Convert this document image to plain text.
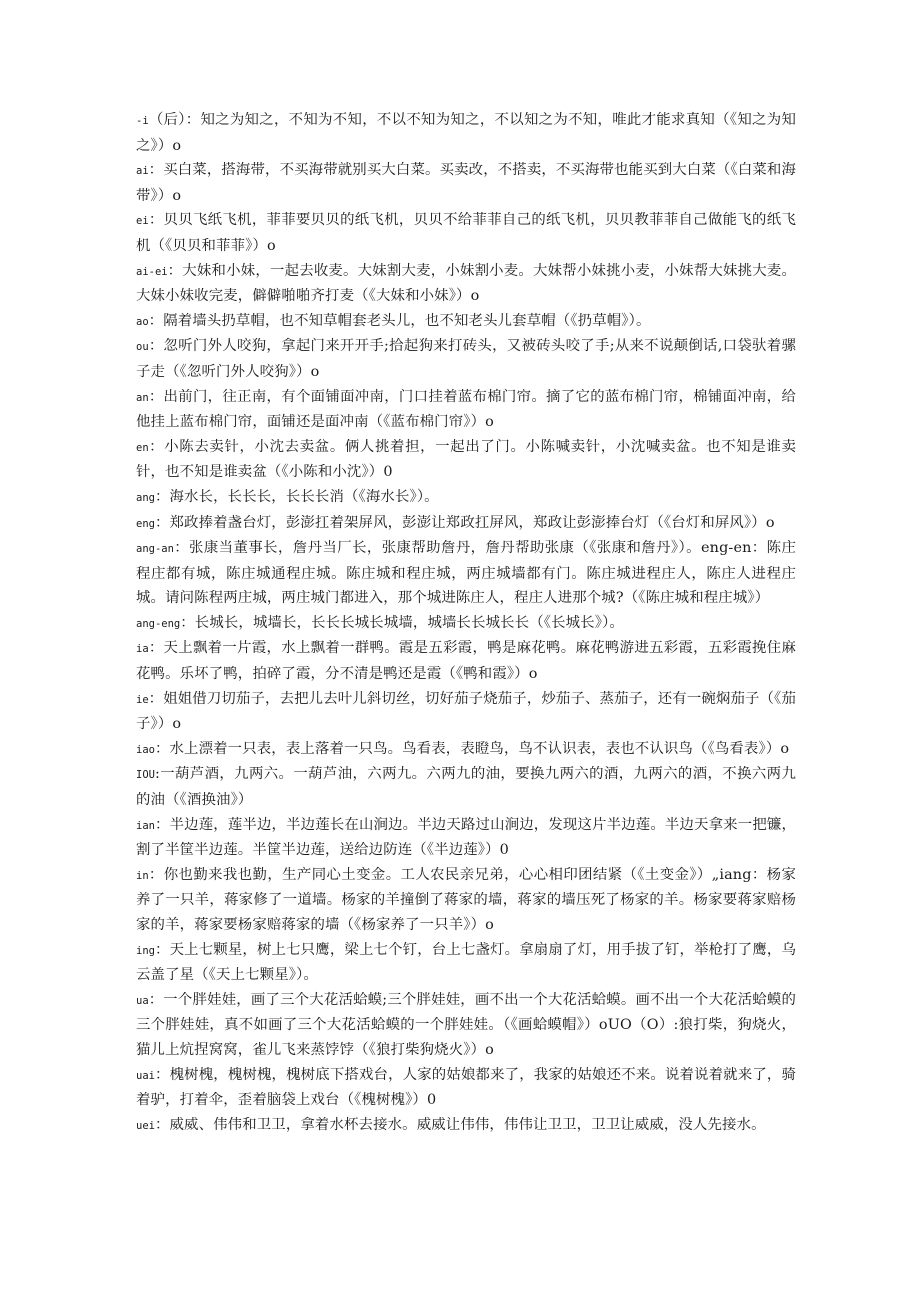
-i（后）：知之为知之，不知为不知，不以不知为知之，不以知之为不知，唯此才能求真知（《知之为知之》）o

ai：买白菜，搭海带，不买海带就别买大白菜。买卖改，不搭卖，不买海带也能买到大白菜（《白菜和海带》）o

ei：贝贝飞纸飞机，菲菲要贝贝的纸飞机，贝贝不给菲菲自己的纸飞机，贝贝教菲菲自己做能飞的纸飞机（《贝贝和菲菲》）o

ai-ei：大妹和小妹，一起去收麦。大妹割大麦，小妹割小麦。大妹帮小妹挑小麦，小妹帮大妹挑大麦。大妹小妹收完麦，僻僻啪啪齐打麦（《大妹和小妹》）o

ao：隔着墙头扔草帽，也不知草帽套老头儿，也不知老头儿套草帽（《扔草帽》）。

ou：忽听门外人咬狗，拿起门来开开手;拾起狗来打砖头，又被砖头咬了手;从来不说颠倒话,口袋驮着骡子走（《忽听门外人咬狗》）o

an：出前门，往正南，有个面铺面冲南，门口挂着蓝布棉门帘。摘了它的蓝布棉门帘，棉铺面冲南，给他挂上蓝布棉门帘，面铺还是面冲南（《蓝布棉门帘》）o

en：小陈去卖针，小沈去卖盆。俩人挑着担，一起出了门。小陈喊卖针，小沈喊卖盆。也不知是谁卖针，也不知是谁卖盆（《小陈和小沈》）0

ang：海水长，长长长，长长长消（《海水长》）。

eng：郑政捧着盏台灯，彭澎扛着架屏风，彭澎让郑政扛屏风，郑政让彭澎捧台灯（《台灯和屏风》）o

ang-an：张康当董事长，詹丹当厂长，张康帮助詹丹，詹丹帮助张康（《张康和詹丹》）。eng-en：陈庄程庄都有城，陈庄城通程庄城。陈庄城和程庄城，两庄城墙都有门。陈庄城进程庄人，陈庄人进程庄城。请问陈程两庄城，两庄城门都进入，那个城进陈庄人，程庄人进那个城?（《陈庄城和程庄城》）

ang-eng：长城长，城墙长，长长长城长城墙，城墙长长城长长（《长城长》）。

ia：天上飘着一片霞，水上飘着一群鸭。霞是五彩霞，鸭是麻花鸭。麻花鸭游进五彩霞，五彩霞挽住麻花鸭。乐坏了鸭，拍碎了霞，分不清是鸭还是霞（《鸭和霞》）o

ie：姐姐借刀切茄子，去把儿去叶儿斜切丝，切好茄子烧茄子，炒茄子、蒸茄子，还有一碗焖茄子（《茄子》）o

iao：水上漂着一只表，表上落着一只鸟。鸟看表，表瞪鸟，鸟不认识表，表也不认识鸟（《鸟看表》）o

IOU:一葫芦酒，九两六。一葫芦油，六两九。六两九的油，要换九两六的酒，九两六的酒，不换六两九的油（《酒换油》）

ian：半边莲，莲半边，半边莲长在山涧边。半边天路过山涧边，发现这片半边莲。半边天拿来一把镰，割了半筐半边莲。半筐半边莲，送给边防连（《半边莲》）0

in：你也勤来我也勤，生产同心土变金。工人农民亲兄弟，心心相印团结紧（《土变金》）„iang：杨家养了一只羊，蒋家修了一道墙。杨家的羊撞倒了蒋家的墙，蒋家的墙压死了杨家的羊。杨家要蒋家赔杨家的羊，蒋家要杨家赔蒋家的墙（《杨家养了一只羊》）o

ing：天上七颗星，树上七只鹰，梁上七个钉，台上七盏灯。拿扇扇了灯，用手拔了钉，举枪打了鹰，乌云盖了星（《天上七颗星》）。

ua：一个胖娃娃，画了三个大花活蛤蟆;三个胖娃娃，画不出一个大花活蛤蟆。画不出一个大花活蛤蟆的三个胖娃娃，真不如画了三个大花活蛤蟆的一个胖娃娃。（《画蛤蟆帽》）oUO（O）:狼打柴，狗烧火，猫儿上炕捏窝窝，雀儿飞来蒸饽饽（《狼打柴狗烧火》）o

uai：槐树槐，槐树槐，槐树底下搭戏台，人家的姑娘都来了，我家的姑娘还不来。说着说着就来了，骑着驴，打着伞，歪着脑袋上戏台（《槐树槐》）0

uei：威威、伟伟和卫卫，拿着水杯去接水。威威让伟伟，伟伟让卫卫，卫卫让威威，没人先接水。
